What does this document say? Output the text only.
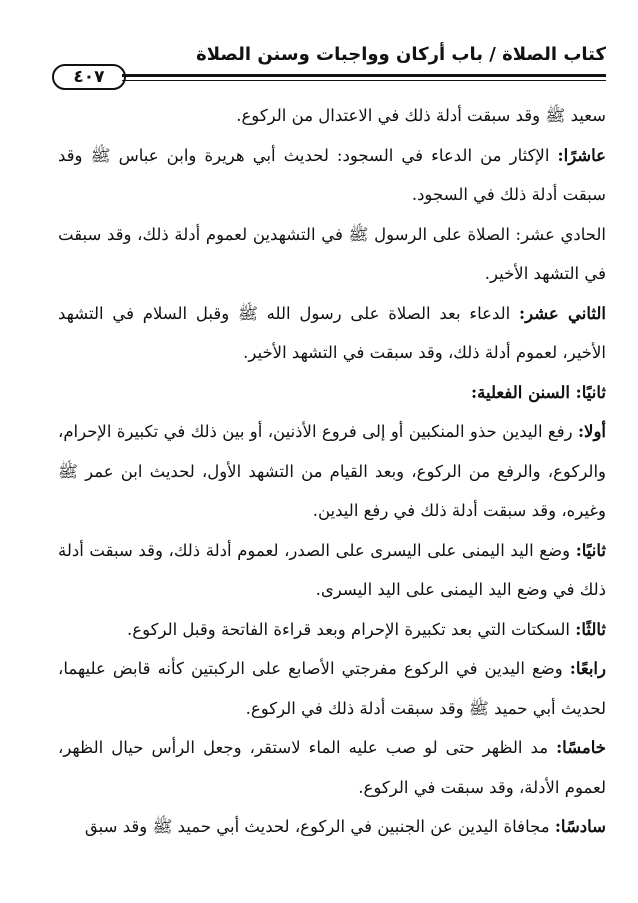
كتاب الصلاة / باب أركان وواجبات وسنن الصلاة
٤٠٧

سعيد ﷺ وقد سبقت أدلة ذلك في الاعتدال من الركوع.

عاشرًا: الإكثار من الدعاء في السجود: لحديث أبي هريرة وابن عباس ﷺ وقد سبقت أدلة ذلك في السجود.

الحادي عشر: الصلاة على الرسول ﷺ في التشهدين لعموم أدلة ذلك، وقد سبقت في التشهد الأخير.

الثاني عشر: الدعاء بعد الصلاة على رسول الله ﷺ وقبل السلام في التشهد الأخير، لعموم أدلة ذلك، وقد سبقت في التشهد الأخير.

ثانيًا: السنن الفعلية:

أولا: رفع اليدين حذو المنكبين أو إلى فروع الأذنين، أو بين ذلك في تكبيرة الإحرام، والركوع، والرفع من الركوع، وبعد القيام من التشهد الأول، لحديث ابن عمر ﷺ وغيره، وقد سبقت أدلة ذلك في رفع اليدين.

ثانيًا: وضع اليد اليمنى على اليسرى على الصدر، لعموم أدلة ذلك، وقد سبقت أدلة ذلك في وضع اليد اليمنى على اليد اليسرى.

ثالثًا: السكتات التي بعد تكبيرة الإحرام وبعد قراءة الفاتحة وقبل الركوع.

رابعًا: وضع اليدين في الركوع مفرجتي الأصابع على الركبتين كأنه قابض عليهما، لحديث أبي حميد ﷺ وقد سبقت أدلة ذلك في الركوع.

خامسًا: مد الظهر حتى لو صب عليه الماء لاستقر، وجعل الرأس حيال الظهر، لعموم الأدلة، وقد سبقت في الركوع.

سادسًا: مجافاة اليدين عن الجنبين في الركوع، لحديث أبي حميد ﷺ وقد سبق
